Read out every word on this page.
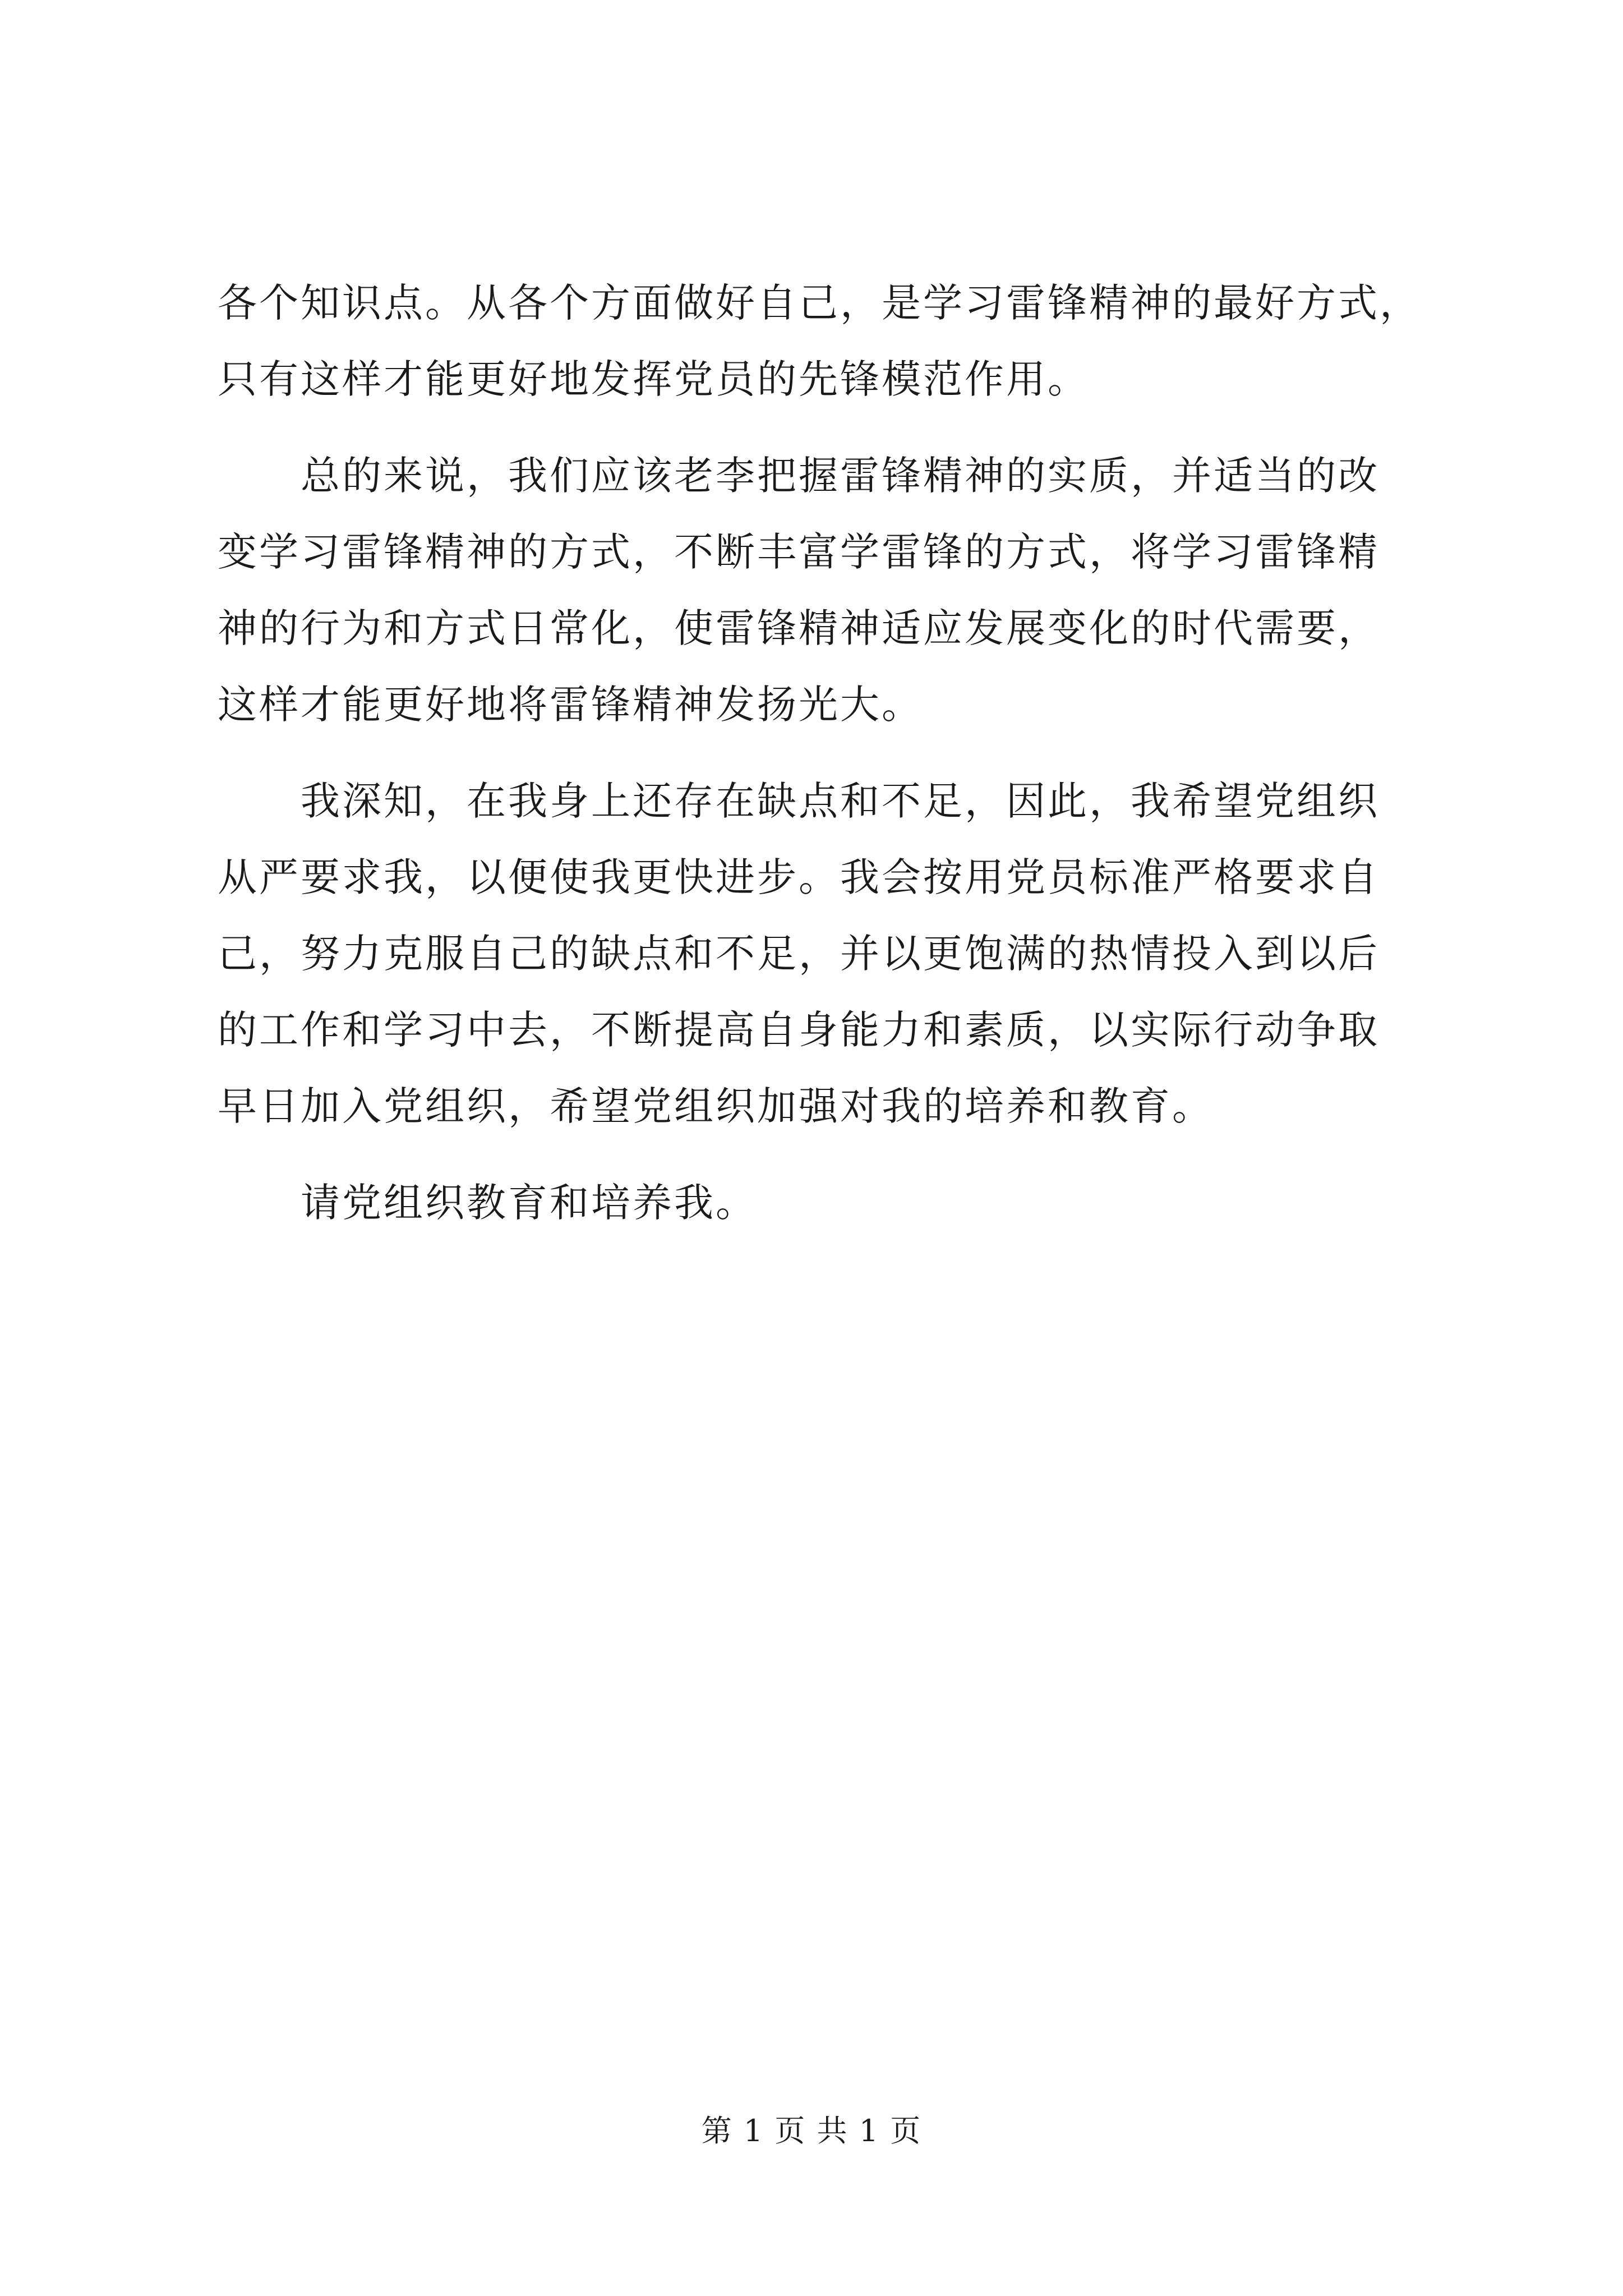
各个知识点。从各个方面做好自己，是学习雷锋精神的最好方式，
只有这样才能更好地发挥党员的先锋模范作用。
总的来说，我们应该老李把握雷锋精神的实质，并适当的改
变学习雷锋精神的方式，不断丰富学雷锋的方式，将学习雷锋精
神的行为和方式日常化，使雷锋精神适应发展变化的时代需要，
这样才能更好地将雷锋精神发扬光大。
我深知，在我身上还存在缺点和不足，因此，我希望党组织
从严要求我，以便使我更快进步。我会按用党员标准严格要求自
己，努力克服自己的缺点和不足，并以更饱满的热情投入到以后
的工作和学习中去，不断提高自身能力和素质，以实际行动争取
早日加入党组织，希望党组织加强对我的培养和教育。
请党组织教育和培养我。
第 1 页 共 1 页
